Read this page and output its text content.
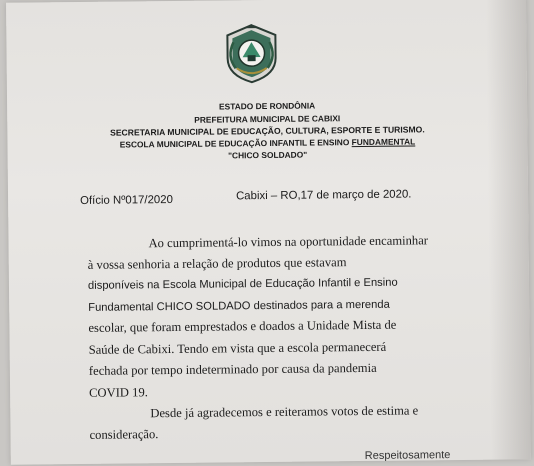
ESTADO DE RONDÔNIA
PREFEITURA MUNICIPAL DE CABIXI
SECRETARIA MUNICIPAL DE EDUCAÇÃO, CULTURA, ESPORTE E TURISMO.
ESCOLA MUNICIPAL DE EDUCAÇÃO INFANTIL E ENSINO FUNDAMENTAL
"CHICO SOLDADO"
Ofício Nº017/2020	Cabixi – RO,17 de março de 2020.
Ao cumprimentá-lo vimos na oportunidade encaminhar
à vossa senhoria a relação de produtos que estavam
disponíveis na Escola Municipal de Educação Infantil e Ensino
Fundamental CHICO SOLDADO destinados para a merenda
escolar, que foram emprestados e doados a Unidade Mista de
Saúde de Cabixi. Tendo em vista que a escola permanecerá
fechada por tempo indeterminado por causa da pandemia
COVID 19.
Desde já agradecemos e reiteramos votos de estima e
consideração.
Respeitosamente
